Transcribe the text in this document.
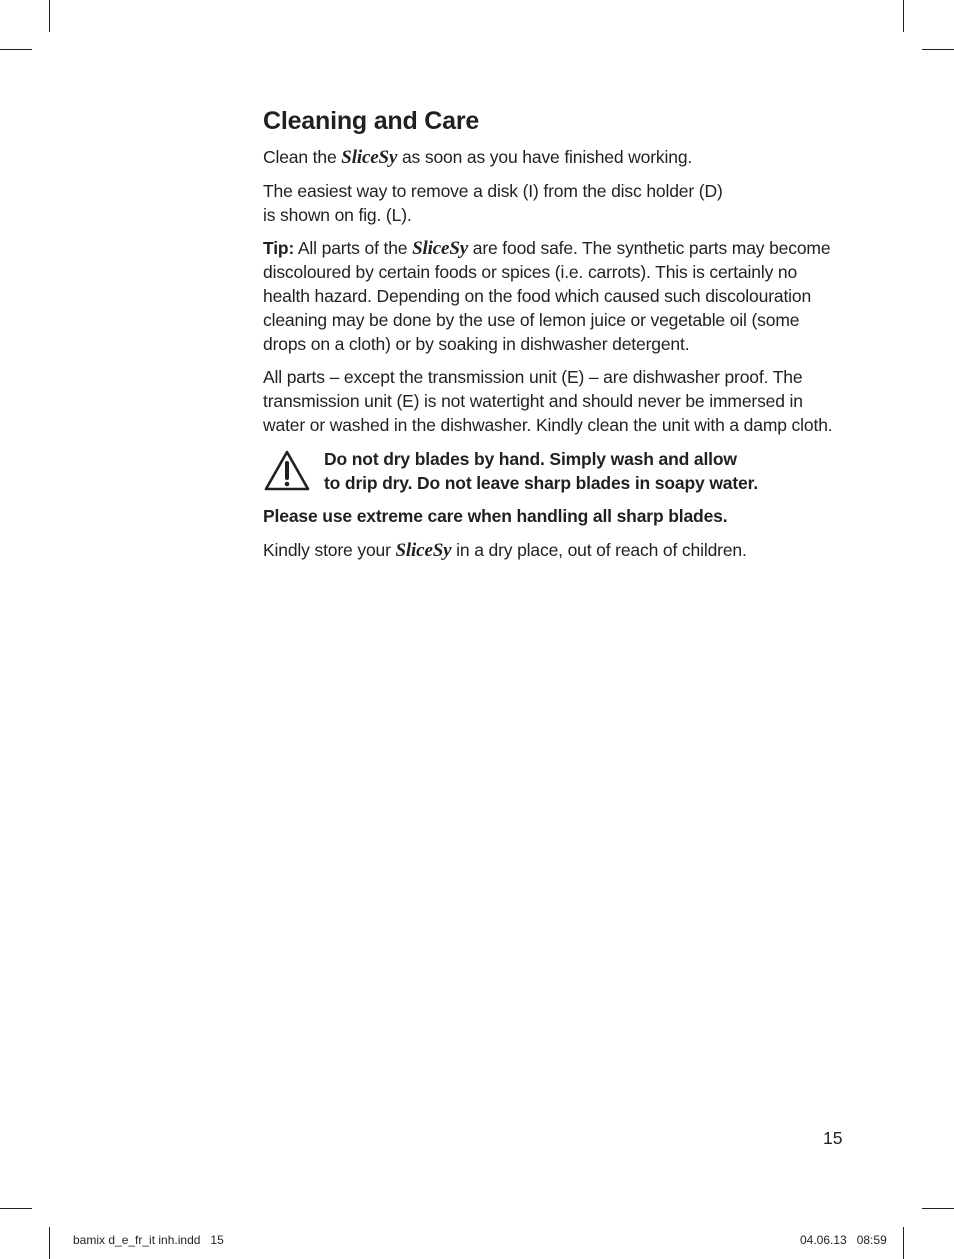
Cleaning and Care

Clean the SliceSy as soon as you have finished working.

The easiest way to remove a disk (I) from the disc holder (D)
is shown on fig. (L).

Tip: All parts of the SliceSy are food safe. The synthetic parts may become discoloured by certain foods or spices (i.e. carrots). This is certainly no health hazard. Depending on the food which caused such discolouration cleaning may be done by the use of lemon juice or vegetable oil (some drops on a cloth) or by soaking in dishwasher detergent.

All parts – except the transmission unit (E) – are dishwasher proof. The transmission unit (E) is not watertight and should never be immersed in water or washed in the dishwasher. Kindly clean the unit with a damp cloth.

Do not dry blades by hand. Simply wash and allow
to drip dry. Do not leave sharp blades in soapy water.

Please use extreme care when handling all sharp blades.

Kindly store your SliceSy in a dry place, out of reach of children.

15
bamix d_e_fr_it inh.indd   15	04.06.13   08:59
